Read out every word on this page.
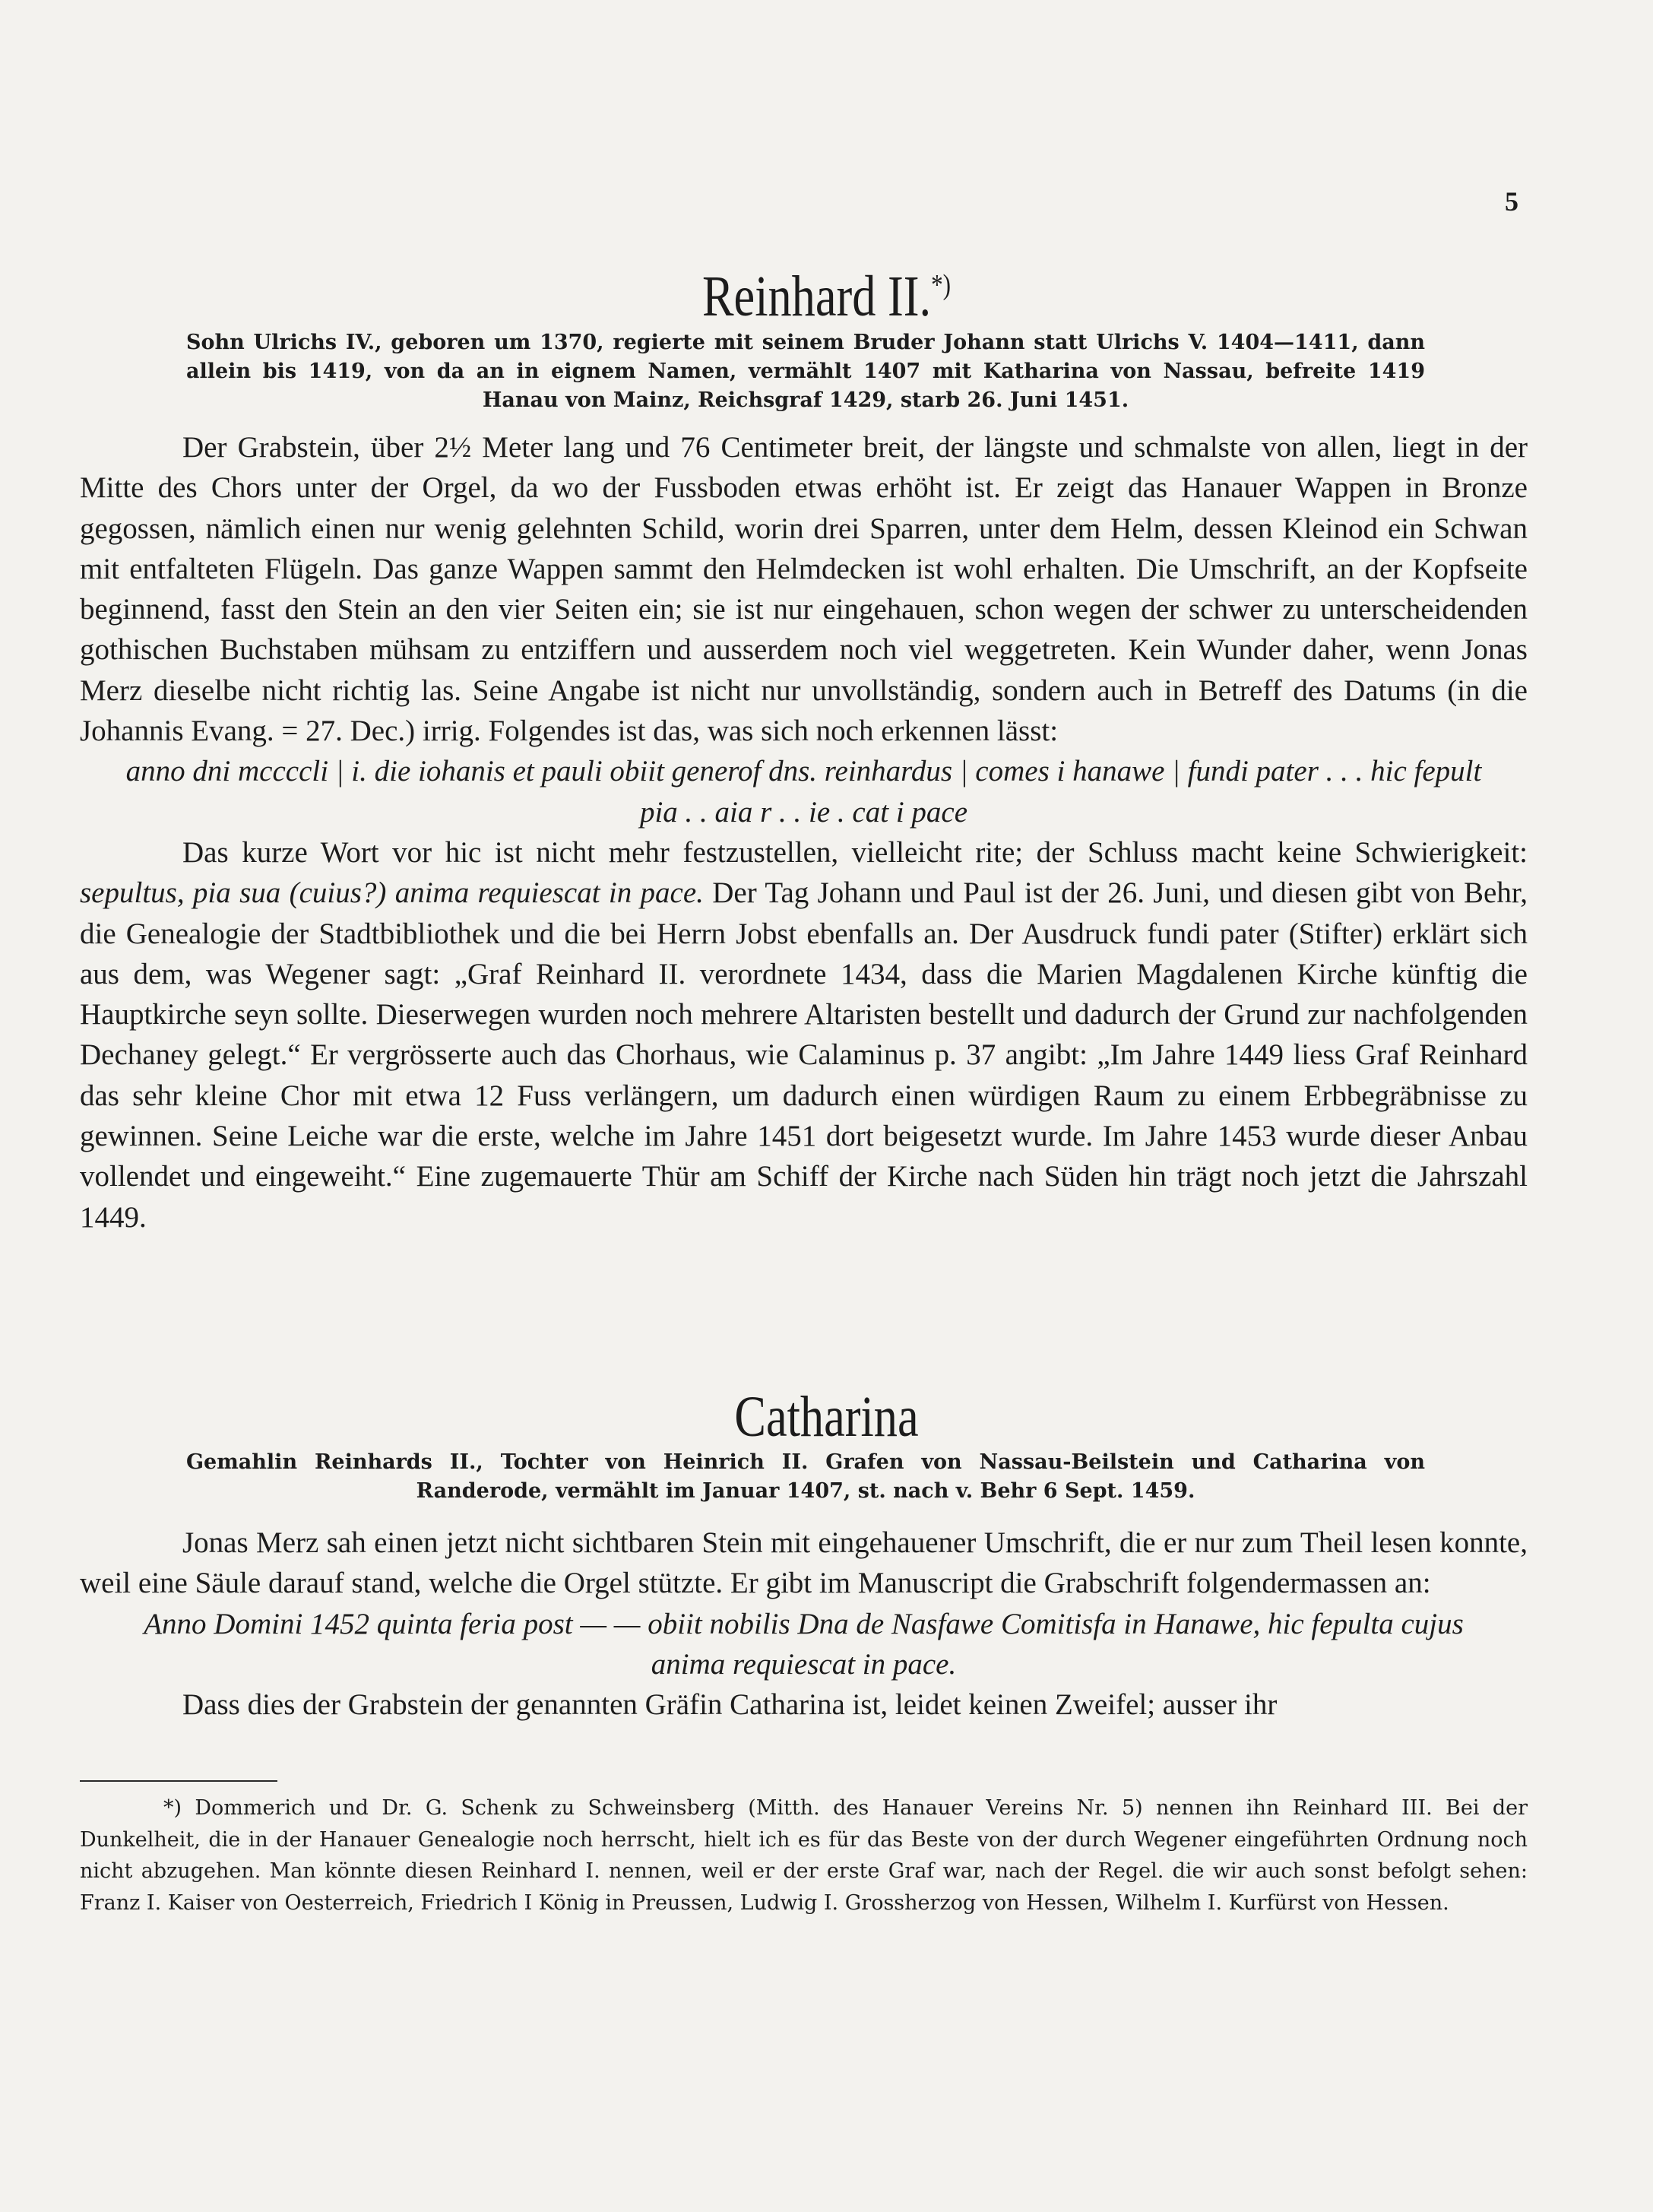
5
Reinhard II.*)
Sohn Ulrichs IV., geboren um 1370, regierte mit seinem Bruder Johann statt Ulrichs V. 1404—1411, dann allein bis 1419, von da an in eignem Namen, vermählt 1407 mit Katharina von Nassau, befreite 1419 Hanau von Mainz, Reichsgraf 1429, starb 26. Juni 1451.

Der Grabstein, über 2½ Meter lang und 76 Centimeter breit, der längste und schmalste von allen, liegt in der Mitte des Chors unter der Orgel, da wo der Fussboden etwas erhöht ist. Er zeigt das Hanauer Wappen in Bronze gegossen, nämlich einen nur wenig gelehnten Schild, worin drei Sparren, unter dem Helm, dessen Kleinod ein Schwan mit entfalteten Flügeln. Das ganze Wappen sammt den Helmdecken ist wohl erhalten. Die Umschrift, an der Kopfseite beginnend, fasst den Stein an den vier Seiten ein; sie ist nur eingehauen, schon wegen der schwer zu unterscheidenden gothischen Buchstaben mühsam zu entziffern und ausserdem noch viel weggetreten. Kein Wunder daher, wenn Jonas Merz dieselbe nicht richtig las. Seine Angabe ist nicht nur unvollständig, sondern auch in Betreff des Datums (in die Johannis Evang. = 27. Dec.) irrig. Folgendes ist das, was sich noch erkennen lässt:

anno dni mccccli | i. die iohanis et pauli obiit generof dns. reinhardus | comes i hanawe | fundi pater . . . hic fepult pia . . aia r . . ie . cat i pace

Das kurze Wort vor hic ist nicht mehr festzustellen, vielleicht rite; der Schluss macht keine Schwierigkeit: sepultus, pia sua (cuius?) anima requiescat in pace. Der Tag Johann und Paul ist der 26. Juni, und diesen gibt von Behr, die Genealogie der Stadtbibliothek und die bei Herrn Jobst ebenfalls an. Der Ausdruck fundi pater (Stifter) erklärt sich aus dem, was Wegener sagt: „Graf Reinhard II. verordnete 1434, dass die Marien Magdalenen Kirche künftig die Hauptkirche seyn sollte. Dieserwegen wurden noch mehrere Altaristen bestellt und dadurch der Grund zur nachfolgenden Dechaney gelegt.“ Er vergrösserte auch das Chorhaus, wie Calaminus p. 37 angibt: „Im Jahre 1449 liess Graf Reinhard das sehr kleine Chor mit etwa 12 Fuss verlängern, um dadurch einen würdigen Raum zu einem Erbbegräbnisse zu gewinnen. Seine Leiche war die erste, welche im Jahre 1451 dort beigesetzt wurde. Im Jahre 1453 wurde dieser Anbau vollendet und eingeweiht.“ Eine zugemauerte Thür am Schiff der Kirche nach Süden hin trägt noch jetzt die Jahrszahl 1449.

Catharina
Gemahlin Reinhards II., Tochter von Heinrich II. Grafen von Nassau-Beilstein und Catharina von Randerode, vermählt im Januar 1407, st. nach v. Behr 6 Sept. 1459.

Jonas Merz sah einen jetzt nicht sichtbaren Stein mit eingehauener Umschrift, die er nur zum Theil lesen konnte, weil eine Säule darauf stand, welche die Orgel stützte. Er gibt im Manuscript die Grabschrift folgendermassen an:

Anno Domini 1452 quinta feria post — — obiit nobilis Dna de Nasfawe Comitisfa in Hanawe, hic fepulta cujus anima requiescat in pace.

Dass dies der Grabstein der genannten Gräfin Catharina ist, leidet keinen Zweifel; ausser ihr

*) Dommerich und Dr. G. Schenk zu Schweinsberg (Mitth. des Hanauer Vereins Nr. 5) nennen ihn Reinhard III. Bei der Dunkelheit, die in der Hanauer Genealogie noch herrscht, hielt ich es für das Beste von der durch Wegener eingeführten Ordnung noch nicht abzugehen. Man könnte diesen Reinhard I. nennen, weil er der erste Graf war, nach der Regel. die wir auch sonst befolgt sehen: Franz I. Kaiser von Oesterreich, Friedrich I König in Preussen, Ludwig I. Grossherzog von Hessen, Wilhelm I. Kurfürst von Hessen.
